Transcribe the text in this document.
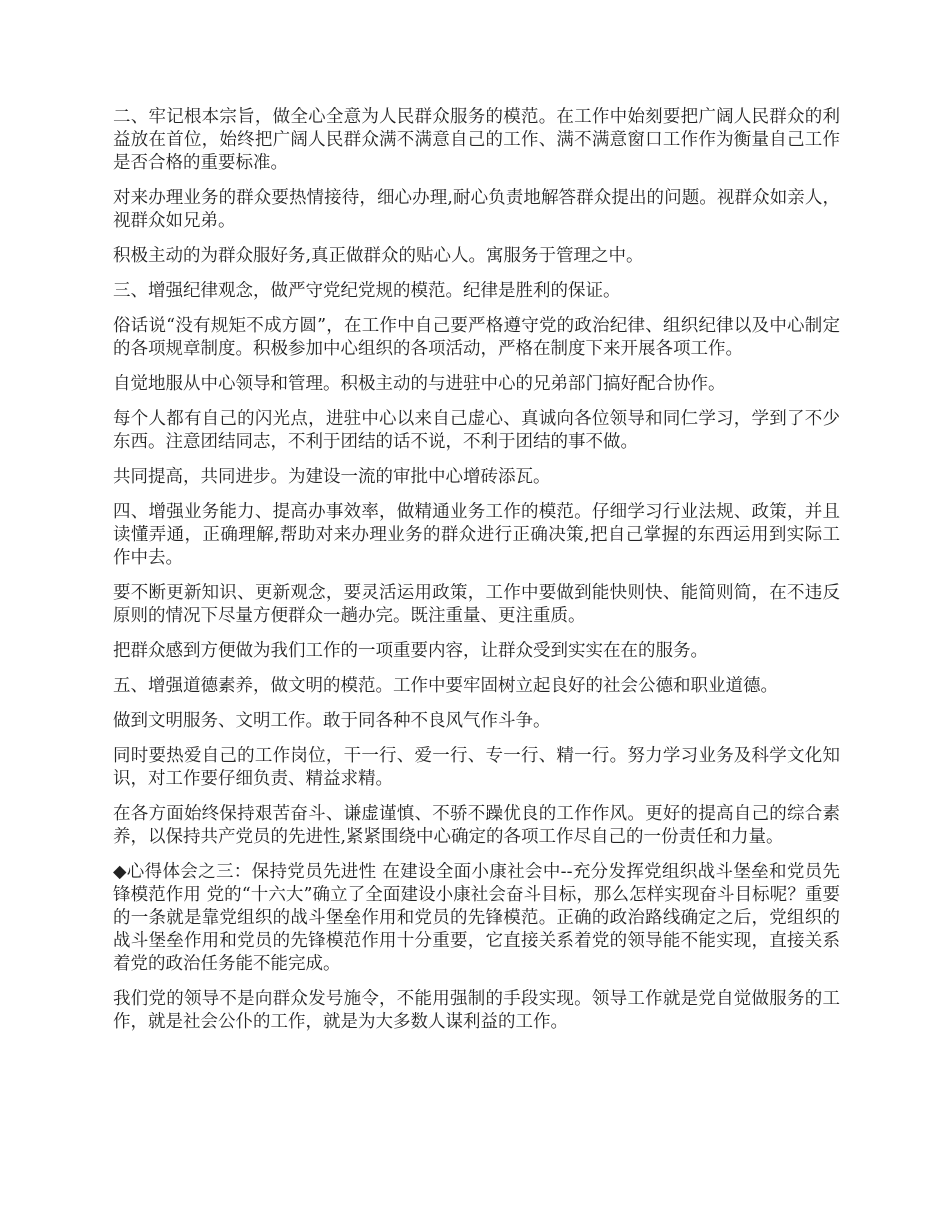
二、牢记根本宗旨，做全心全意为人民群众服务的模范。在工作中始刻要把广阔人民群众的利益放在首位，始终把广阔人民群众满不满意自己的工作、满不满意窗口工作作为衡量自己工作是否合格的重要标准。

对来办理业务的群众要热情接待，细心办理,耐心负责地解答群众提出的问题。视群众如亲人，视群众如兄弟。

积极主动的为群众服好务,真正做群众的贴心人。寓服务于管理之中。

三、增强纪律观念，做严守党纪党规的模范。纪律是胜利的保证。

俗话说“没有规矩不成方圆”，在工作中自己要严格遵守党的政治纪律、组织纪律以及中心制定的各项规章制度。积极参加中心组织的各项活动，严格在制度下来开展各项工作。

自觉地服从中心领导和管理。积极主动的与进驻中心的兄弟部门搞好配合协作。

每个人都有自己的闪光点，进驻中心以来自己虚心、真诚向各位领导和同仁学习，学到了不少东西。注意团结同志，不利于团结的话不说，不利于团结的事不做。

共同提高，共同进步。为建设一流的审批中心增砖添瓦。

四、增强业务能力、提高办事效率，做精通业务工作的模范。仔细学习行业法规、政策，并且读懂弄通，正确理解,帮助对来办理业务的群众进行正确决策,把自己掌握的东西运用到实际工作中去。

要不断更新知识、更新观念，要灵活运用政策，工作中要做到能快则快、能简则简，在不违反原则的情况下尽量方便群众一趟办完。既注重量、更注重质。

把群众感到方便做为我们工作的一项重要内容，让群众受到实实在在的服务。

五、增强道德素养，做文明的模范。工作中要牢固树立起良好的社会公德和职业道德。

做到文明服务、文明工作。敢于同各种不良风气作斗争。

同时要热爱自己的工作岗位，干一行、爱一行、专一行、精一行。努力学习业务及科学文化知识，对工作要仔细负责、精益求精。

在各方面始终保持艰苦奋斗、谦虚谨慎、不骄不躁优良的工作作风。更好的提高自己的综合素养，以保持共产党员的先进性,紧紧围绕中心确定的各项工作尽自己的一份责任和力量。

◆心得体会之三：保持党员先进性 在建设全面小康社会中--充分发挥党组织战斗堡垒和党员先锋模范作用 党的“十六大”确立了全面建设小康社会奋斗目标，那么怎样实现奋斗目标呢？重要的一条就是靠党组织的战斗堡垒作用和党员的先锋模范。正确的政治路线确定之后，党组织的战斗堡垒作用和党员的先锋模范作用十分重要，它直接关系着党的领导能不能实现，直接关系着党的政治任务能不能完成。

我们党的领导不是向群众发号施令，不能用强制的手段实现。领导工作就是党自觉做服务的工作，就是社会公仆的工作，就是为大多数人谋利益的工作。
